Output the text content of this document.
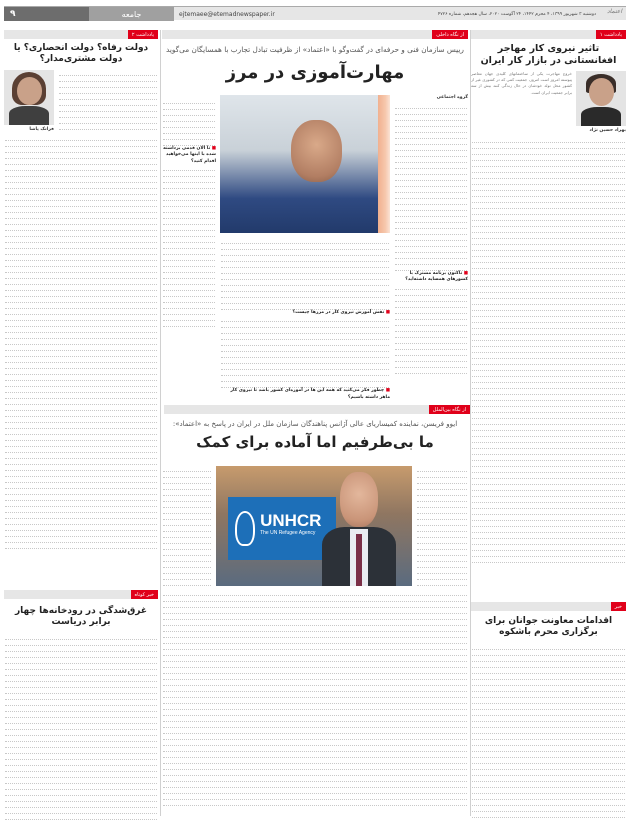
۹	جامعه	ejtemaee@etemadnewspaper.ir	دوشنبه ۳ شهریور ۱۳۹۹، ۴ محرم ۱۴۴۲، ۲۴ آگوست ۲۰۲۰، سال هجدهم، شماره ۴۷۲۶ اعتماد
یادداشت ۱
تاثیر نیروی کار مهاجر افغانستانی در بازار کار ایران
بهزاد حسین نژاد
خروج مهاجرت یکی از ساختمانهای کلیدی جهان معاصر پیوسته امروز است امروز، جمعیت کمی که در کشوری غیر از کشور محل تولد خودشان در حال زندگی کنند بیش از سه برابر جمعیت ایران است.
خبر
اقدامات معاونت جوانان برای برگزاری محرم باشکوه
از نگاه داخلی
رییس سازمان فنی و حرفه‌ای در گفت‌وگو با «اعتماد» از ظرفیت تبادل تجارب با همسایگان می‌گوید
مهارت‌آموزی در مرز
■ تا الان قدمی برداشته شده با اینها می‌خواهید اقدام کنید؟
گروه اجتماعی
■ تاکنون برنامه مشترک با کشورهای همسایه داشته‌اید؟
■ نقش آموزش نیروی کار در مرزها چیست؟
■ چطور فکر می‌کنید که همه این ها در آموزه‌ای کشور باشد تا نیروی کار ماهر داشته باشیم؟
از نگاه بین‌الملل
ایوو فریسن، نماینده کمیساریای عالی آژانس پناهندگان سازمان ملل در ایران در پاسخ به «اعتماد»:
ما بی‌طرفیم اما آماده برای کمک
UNHCR
The UN Refugee Agency
یادداشت ۲
دولت رفاه؟ دولت انحصاری؟ یا دولت مشتری‌مدار؟
فرانک پاشا
خبر کوتاه
غرق‌شدگی در رودخانه‌ها چهار برابر دریاست
